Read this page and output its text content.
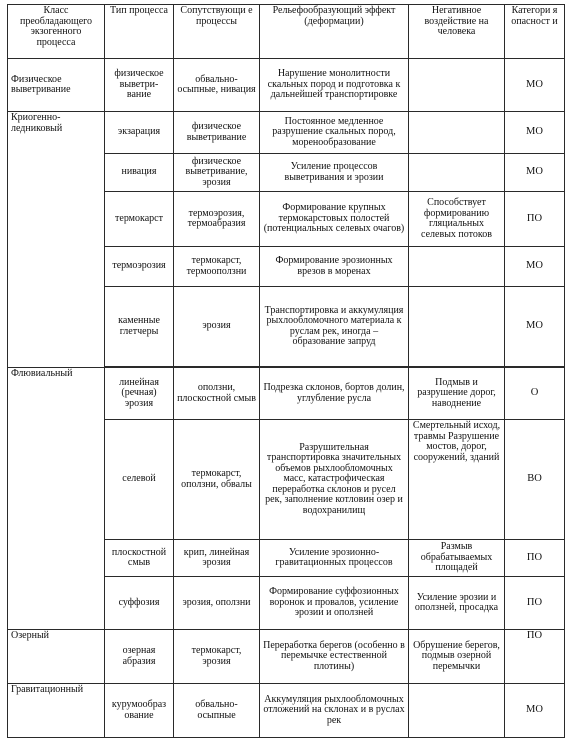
Класс преобладающего экзогенного процесса	Тип процесса	Сопутствующи е процессы	Рельефообразующий эффект (деформации)	Негативное воздействие на человека	Категори я опасност и
Физическое выветривание	физическое выветри-вание	обвально-осыпные, нивация	Нарушение монолитности скальных пород и подготовка к дальнейшей транспортировке		МО
Криогенно-ледниковый	экзарация	физическое выветривание	Постоянное медленное разрушение скальных пород, моренообразование		МО
	нивация	физическое выветривание, эрозия	Усиление процессов выветривания и эрозии		МО
	термокарст	термоэрозия, термоабразия	Формирование крупных термокарстовых полостей (потенциальных селевых очагов)	Способствует формированию гляциальных селевых потоков	ПО
	термоэрозия	термокарст, термооползни	Формирование эрозионных врезов в моренах		МО
	каменные глетчеры	эрозия	Транспортировка и аккумуляция рыхлообломочного материала к руслам рек, иногда – образование запруд		МО

Флювиальный	линейная (речная) эрозия	оползни, плоскостной смыв	Подрезка склонов, бортов долин, углубление русла	Подмыв и разрушение дорог, наводнение	О
	селевой	термокарст, оползни, обвалы	Разрушительная транспортировка значительных объемов рыхлообломочных масс, катастрофическая переработка склонов и русел рек, заполнение котловин озер и водохранилищ	Смертельный исход, травмы Разрушение мостов, дорог, сооружений, зданий	ВО
	плоскостной смыв	крип, линейная эрозия	Усиление эрозионно-гравитационных процессов	Размыв обрабатываемых площадей	ПО
	суффозия	эрозия, оползни	Формирование суффозионных воронок и провалов, усиление эрозии и оползней	Усиление эрозии и оползней, просадка	ПО
Озерный	озерная абразия	термокарст, эрозия	Переработка берегов (особенно в перемычке естественной плотины)	Обрушение берегов, подмыв озерной перемычки	ПО
Гравитационный	курумообраз ование	обвально-осыпные	Аккумуляция рыхлообломочных отложений на склонах и в руслах рек		МО
